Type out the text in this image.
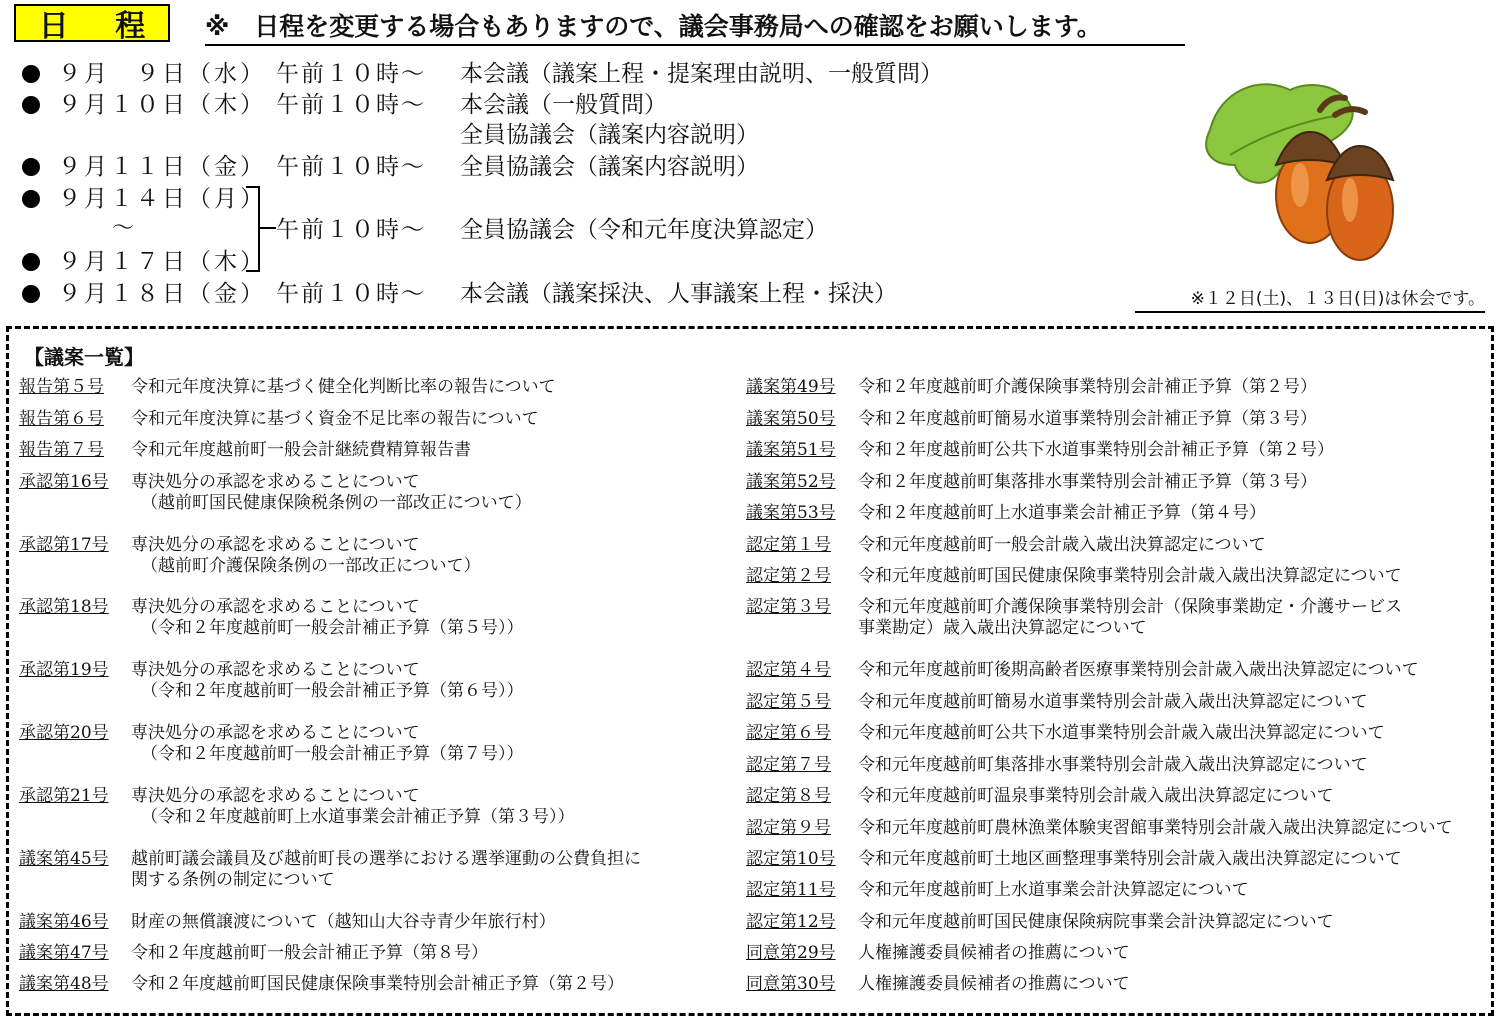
日 程 ※　日程を変更する場合もありますので、議会事務局への確認をお願いします。
９月　９日（水） 午前１０時～ 本会議（議案上程・提案理由説明、一般質問）
９月１０日（木） 午前１０時～ 本会議（一般質問）
全員協議会（議案内容説明）
９月１１日（金） 午前１０時～ 全員協議会（議案内容説明）
９月１４日（月）
～	午前１０時～ 全員協議会（令和元年度決算認定）
９月１７日（木）
９月１８日（金） 午前１０時～ 本会議（議案採決、人事議案上程・採決）	※１２日(土)、１３日(日)は休会です。
【議案一覧】
報告第５号 令和元年度決算に基づく健全化判断比率の報告について
報告第６号 令和元年度決算に基づく資金不足比率の報告について
報告第７号 令和元年度越前町一般会計継続費精算報告書
承認第16号 専決処分の承認を求めることについて
（越前町国民健康保険税条例の一部改正について）
承認第17号 専決処分の承認を求めることについて
（越前町介護保険条例の一部改正について）
承認第18号 専決処分の承認を求めることについて
（令和２年度越前町一般会計補正予算（第５号））
承認第19号 専決処分の承認を求めることについて
（令和２年度越前町一般会計補正予算（第６号））
承認第20号 専決処分の承認を求めることについて
（令和２年度越前町一般会計補正予算（第７号））
承認第21号 専決処分の承認を求めることについて
（令和２年度越前町上水道事業会計補正予算（第３号））
議案第45号 越前町議会議員及び越前町長の選挙における選挙運動の公費負担に
関する条例の制定について
議案第46号 財産の無償譲渡について（越知山大谷寺青少年旅行村）
議案第47号 令和２年度越前町一般会計補正予算（第８号）
議案第48号 令和２年度越前町国民健康保険事業特別会計補正予算（第２号）
議案第49号 令和２年度越前町介護保険事業特別会計補正予算（第２号）
議案第50号 令和２年度越前町簡易水道事業特別会計補正予算（第３号）
議案第51号 令和２年度越前町公共下水道事業特別会計補正予算（第２号）
議案第52号 令和２年度越前町集落排水事業特別会計補正予算（第３号）
議案第53号 令和２年度越前町上水道事業会計補正予算（第４号）
認定第１号 令和元年度越前町一般会計歳入歳出決算認定について
認定第２号 令和元年度越前町国民健康保険事業特別会計歳入歳出決算認定について
認定第３号 令和元年度越前町介護保険事業特別会計（保険事業勘定・介護サービス
事業勘定）歳入歳出決算認定について
認定第４号 令和元年度越前町後期高齢者医療事業特別会計歳入歳出決算認定について
認定第５号 令和元年度越前町簡易水道事業特別会計歳入歳出決算認定について
認定第６号 令和元年度越前町公共下水道事業特別会計歳入歳出決算認定について
認定第７号 令和元年度越前町集落排水事業特別会計歳入歳出決算認定について
認定第８号 令和元年度越前町温泉事業特別会計歳入歳出決算認定について
認定第９号 令和元年度越前町農林漁業体験実習館事業特別会計歳入歳出決算認定について
認定第10号 令和元年度越前町土地区画整理事業特別会計歳入歳出決算認定について
認定第11号 令和元年度越前町上水道事業会計決算認定について
認定第12号 令和元年度越前町国民健康保険病院事業会計決算認定について
同意第29号 人権擁護委員候補者の推薦について
同意第30号 人権擁護委員候補者の推薦について
